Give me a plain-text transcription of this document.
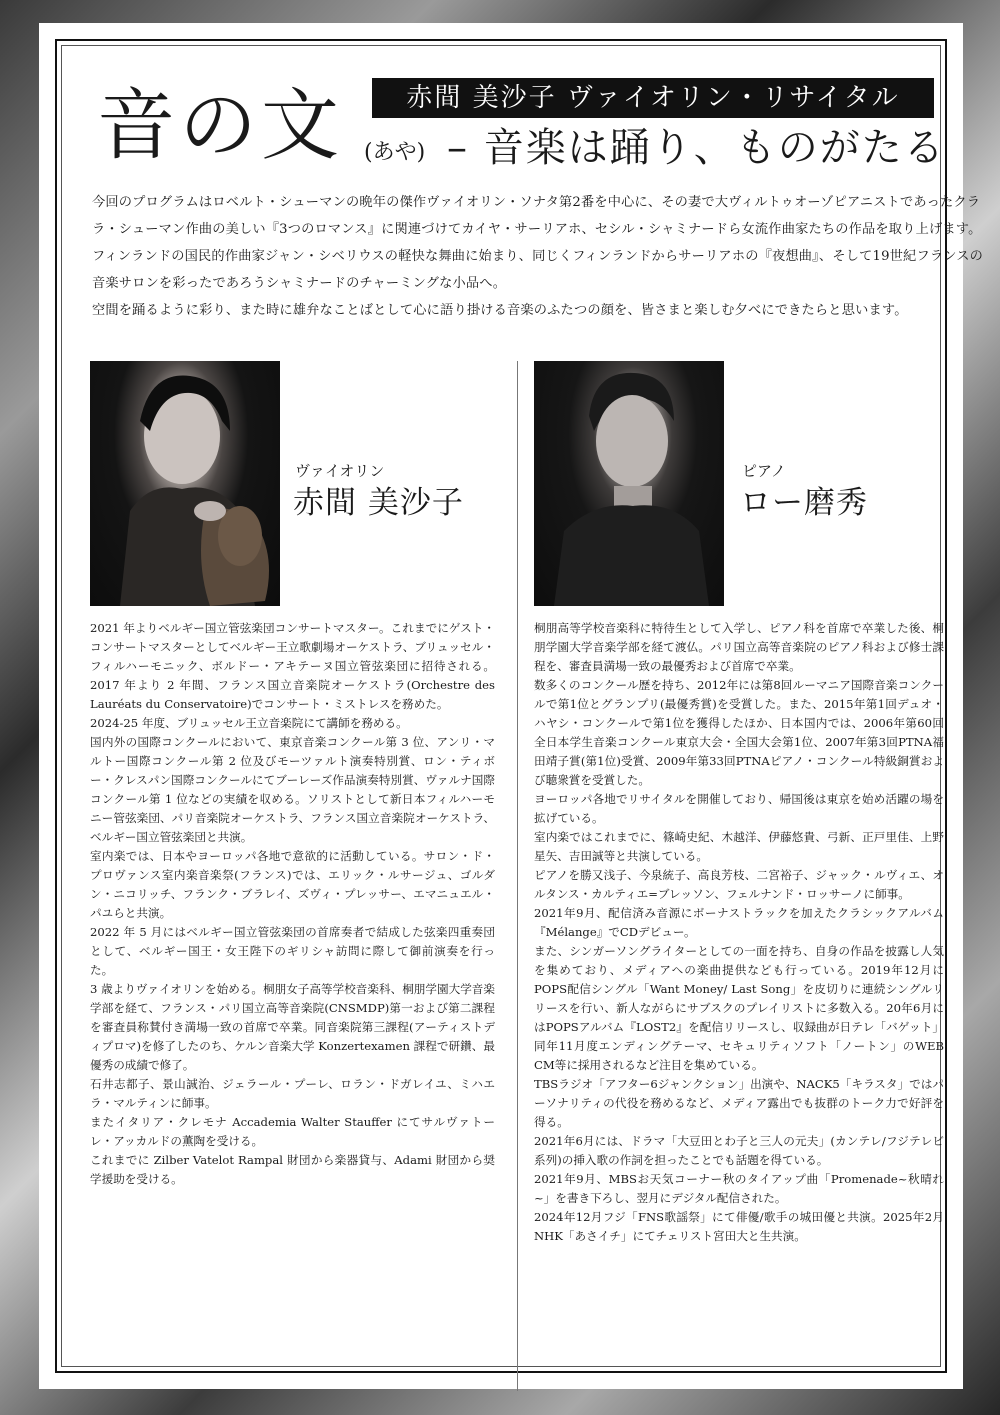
音の文	赤間 美沙子 ヴァイオリン・リサイタル
(あや) – 音楽は踊り、ものがたる

今回のプログラムはロベルト・シューマンの晩年の傑作ヴァイオリン・ソナタ第2番を中心に、その妻で大ヴィルトゥオーゾピアニストであったクラ

ラ・シューマン作曲の美しい『3つのロマンス』に関連づけてカイヤ・サーリアホ、セシル・シャミナードら女流作曲家たちの作品を取り上げます。

フィンランドの国民的作曲家ジャン・シベリウスの軽快な舞曲に始まり、同じくフィンランドからサーリアホの『夜想曲』、そして19世紀フランスの

音楽サロンを彩ったであろうシャミナードのチャーミングな小品へ。

空間を踊るように彩り、また時に雄弁なことばとして心に語り掛ける音楽のふたつの顔を、皆さまと楽しむ夕べにできたらと思います。

ヴァイオリン
赤間 美沙子
ピアノ
ロー磨秀

2021 年よりベルギー国立管弦楽団コンサートマスター。これまでにゲスト・コンサートマスターとしてベルギー王立歌劇場オーケストラ、ブリュッセル・フィルハーモニック、ボルドー・アキテーヌ国立管弦楽団に招待される。2017 年より 2 年間、フランス国立音楽院オーケストラ(Orchestre des Lauréats du Conservatoire)でコンサート・ミストレスを務めた。

2024-25 年度、ブリュッセル王立音楽院にて講師を務める。

国内外の国際コンクールにおいて、東京音楽コンクール第 3 位、アンリ・マルトー国際コンクール第 2 位及びモーツァルト演奏特別賞、ロン・ティボー・クレスパン国際コンクールにてブーレーズ作品演奏特別賞、ヴァルナ国際コンクール第 1 位などの実績を収める。ソリストとして新日本フィルハーモニー管弦楽団、パリ音楽院オーケストラ、フランス国立音楽院オーケストラ、ベルギー国立管弦楽団と共演。

室内楽では、日本やヨーロッパ各地で意欲的に活動している。サロン・ド・プロヴァンス室内楽音楽祭(フランス)では、エリック・ルサージュ、ゴルダン・ニコリッチ、フランク・ブラレイ、ズヴィ・プレッサー、エマニュエル・パユらと共演。

2022 年 5 月にはベルギー国立管弦楽団の首席奏者で結成した弦楽四重奏団として、ベルギー国王・女王陛下のギリシャ訪問に際して御前演奏を行った。

3 歳よりヴァイオリンを始める。桐朋女子高等学校音楽科、桐朋学園大学音楽学部を経て、フランス・パリ国立高等音楽院(CNSMDP)第一および第二課程を審査員称賛付き満場一致の首席で卒業。同音楽院第三課程(アーティストディプロマ)を修了したのち、ケルン音楽大学 Konzertexamen 課程で研鑽、最優秀の成績で修了。

石井志都子、景山誠治、ジェラール・プーレ、ロラン・ドガレイユ、ミハエラ・マルティンに師事。

またイタリア・クレモナ Accademia Walter Stauffer にてサルヴァトーレ・アッカルドの薫陶を受ける。

これまでに Zilber Vatelot Rampal 財団から楽器貸与、Adami 財団から奨学援助を受ける。

桐朋高等学校音楽科に特待生として入学し、ピアノ科を首席で卒業した後、桐朋学園大学音楽学部を経て渡仏。パリ国立高等音楽院のピアノ科および修士課程を、審査員満場一致の最優秀および首席で卒業。

数多くのコンクール歴を持ち、2012年には第8回ルーマニア国際音楽コンクールで第1位とグランプリ(最優秀賞)を受賞した。また、2015年第1回デュオ・ハヤシ・コンクールで第1位を獲得したほか、日本国内では、2006年第60回全日本学生音楽コンクール東京大会・全国大会第1位、2007年第3回PTNA福田靖子賞(第1位)受賞、2009年第33回PTNAピアノ・コンクール特級銅賞および聴衆賞を受賞した。

ヨーロッパ各地でリサイタルを開催しており、帰国後は東京を始め活躍の場を拡げている。

室内楽ではこれまでに、篠崎史紀、木越洋、伊藤悠貴、弓新、正戸里佳、上野星矢、吉田誠等と共演している。

ピアノを勝又浅子、今泉統子、高良芳枝、二宮裕子、ジャック・ルヴィエ、オルタンス・カルティエ=ブレッソン、フェルナンド・ロッサーノに師事。

2021年9月、配信済み音源にボーナストラックを加えたクラシックアルバム『Mélange』でCDデビュー。

また、シンガーソングライターとしての一面を持ち、自身の作品を披露し人気を集めており、メディアへの楽曲提供なども行っている。2019年12月にPOPS配信シングル「Want Money/ Last Song」を皮切りに連続シングルリリースを行い、新人ながらにサブスクのプレイリストに多数入る。20年6月にはPOPSアルバム『LOST2』を配信リリースし、収録曲が日テレ「バゲット」同年11月度エンディングテーマ、セキュリティソフト「ノートン」のWEB CM等に採用されるなど注目を集めている。

TBSラジオ「アフター6ジャンクション」出演や、NACK5「キラスタ」ではパーソナリティの代役を務めるなど、メディア露出でも抜群のトーク力で好評を得る。

2021年6月には、ドラマ「大豆田とわ子と三人の元夫」(カンテレ/フジテレビ系列)の挿入歌の作詞を担ったことでも話題を得ている。

2021年9月、MBSお天気コーナー秋のタイアップ曲「Promenade~秋晴れ~」を書き下ろし、翌月にデジタル配信された。

2024年12月フジ「FNS歌謡祭」にて俳優/歌手の城田優と共演。2025年2月NHK「あさイチ」にてチェリスト宮田大と生共演。
